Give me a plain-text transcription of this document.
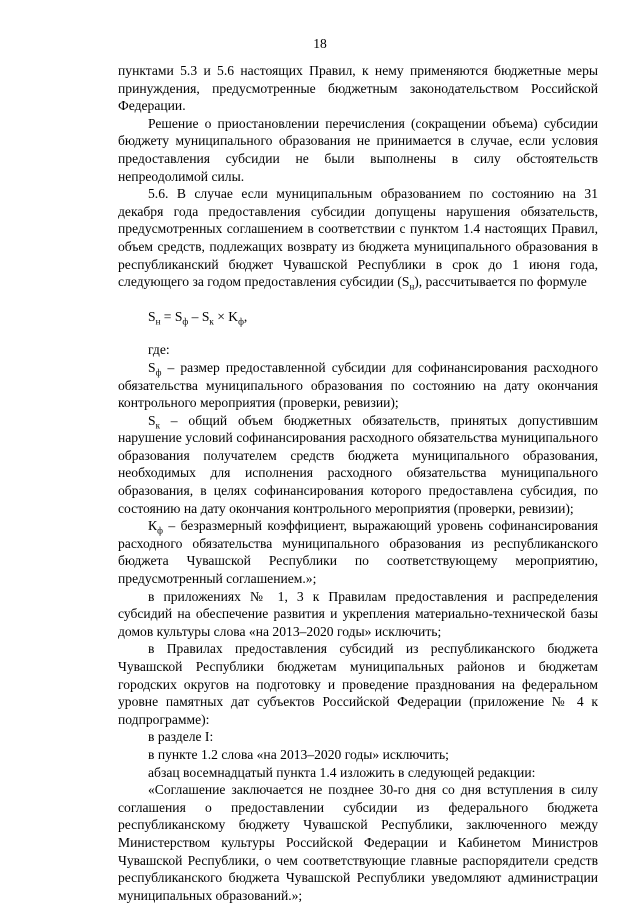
18

пунктами 5.3 и 5.6 настоящих Правил, к нему применяются бюджетные меры принуждения, предусмотренные бюджетным законодательством Российской Федерации.

Решение о приостановлении перечисления (сокращении объема) субсидии бюджету муниципального образования не принимается в случае, если условия предоставления субсидии не были выполнены в силу обстоятельств непреодолимой силы.

5.6. В случае если муниципальным образованием по состоянию на 31 декабря года предоставления субсидии допущены нарушения обязательств, предусмотренных соглашением в соответствии с пунктом 1.4 настоящих Правил, объем средств, подлежащих возврату из бюджета муниципального образования в республиканский бюджет Чувашской Республики в срок до 1 июня года, следующего за годом предоставления субсидии $(S_н)$, рассчитывается по формуле

$S_н = S_ф - S_к \times K_ф$,

где:

$S_ф$ – размер предоставленной субсидии для софинансирования расходного обязательства муниципального образования по состоянию на дату окончания контрольного мероприятия (проверки, ревизии);

$S_к$ – общий объем бюджетных обязательств, принятых допустившим нарушение условий софинансирования расходного обязательства муниципального образования получателем средств бюджета муниципального образования, необходимых для исполнения расходного обязательства муниципального образования, в целях софинансирования которого предоставлена субсидия, по состоянию на дату окончания контрольного мероприятия (проверки, ревизии);

$К_ф$ – безразмерный коэффициент, выражающий уровень софинансирования расходного обязательства муниципального образования из республиканского бюджета Чувашской Республики по соответствующему мероприятию, предусмотренный соглашением.»;

в приложениях № 1, 3 к Правилам предоставления и распределения субсидий на обеспечение развития и укрепления материально-технической базы домов культуры слова «на 2013–2020 годы» исключить;

в Правилах предоставления субсидий из республиканского бюджета Чувашской Республики бюджетам муниципальных районов и бюджетам городских округов на подготовку и проведение празднования на федеральном уровне памятных дат субъектов Российской Федерации (приложение № 4 к подпрограмме):

в разделе I:

в пункте 1.2 слова «на 2013–2020 годы» исключить;

абзац восемнадцатый пункта 1.4 изложить в следующей редакции:

«Соглашение заключается не позднее 30-го дня со дня вступления в силу соглашения о предоставлении субсидии из федерального бюджета республиканскому бюджету Чувашской Республики, заключенного между Министерством культуры Российской Федерации и Кабинетом Министров Чувашской Республики, о чем соответствующие главные распорядители средств республиканского бюджета Чувашской Республики уведомляют администрации муниципальных образований.»;
